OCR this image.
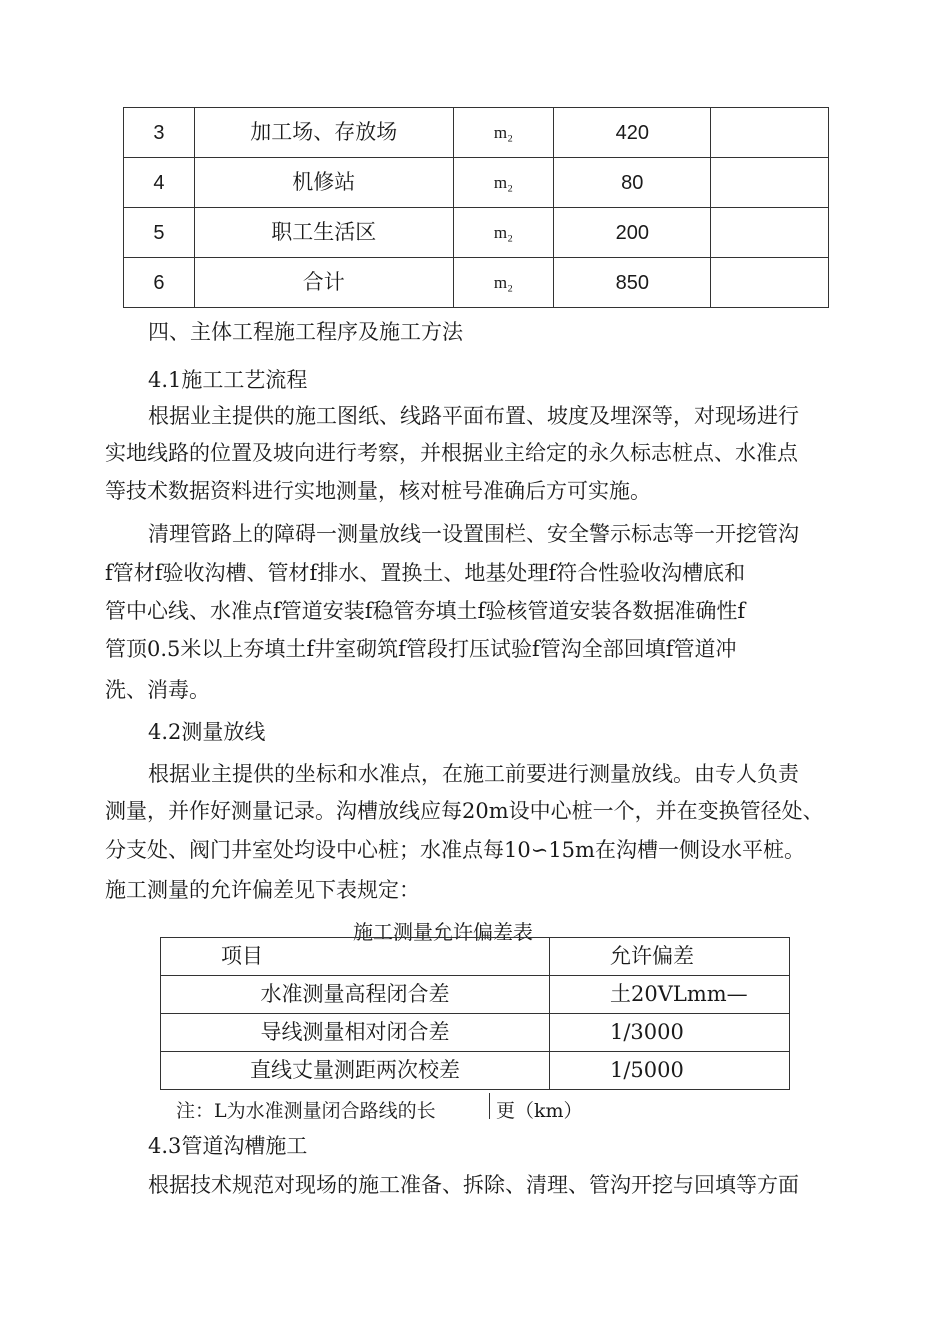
3	加工场、存放场	m₂	420	
4	机修站	m₂	80	
5	职工生活区	m₂	200	
6	合计	m₂	850	
四、主体工程施工程序及施工方法
4.1施工工艺流程
根据业主提供的施工图纸、线路平面布置、坡度及埋深等，对现场进行
实地线路的位置及坡向进行考察，并根据业主给定的永久标志桩点、水准点
等技术数据资料进行实地测量，核对桩号准确后方可实施。
清理管路上的障碍一测量放线一设置围栏、安全警示标志等一开挖管沟
f管材f验收沟槽、管材f排水、置换土、地基处理f符合性验收沟槽底和
管中心线、水准点f管道安装f稳管夯填土f验核管道安装各数据准确性f
管顶0.5米以上夯填土f井室砌筑f管段打压试验f管沟全部回填f管道冲
洗、消毒。
4.2测量放线
根据业主提供的坐标和水准点，在施工前要进行测量放线。由专人负责
测量，并作好测量记录。沟槽放线应每20m设中心桩一个，并在变换管径处、
分支处、阀门井室处均设中心桩；水准点每10∽15m在沟槽一侧设水平桩。
施工测量的允许偏差见下表规定：
施工测量允许偏差表
项目	允许偏差
水准测量高程闭合差	土20VLmm—
导线测量相对闭合差	1/3000
直线丈量测距两次校差	1/5000
注：L为水准测量闭合路线的长	更（km）
4.3管道沟槽施工
根据技术规范对现场的施工准备、拆除、清理、管沟开挖与回填等方面
